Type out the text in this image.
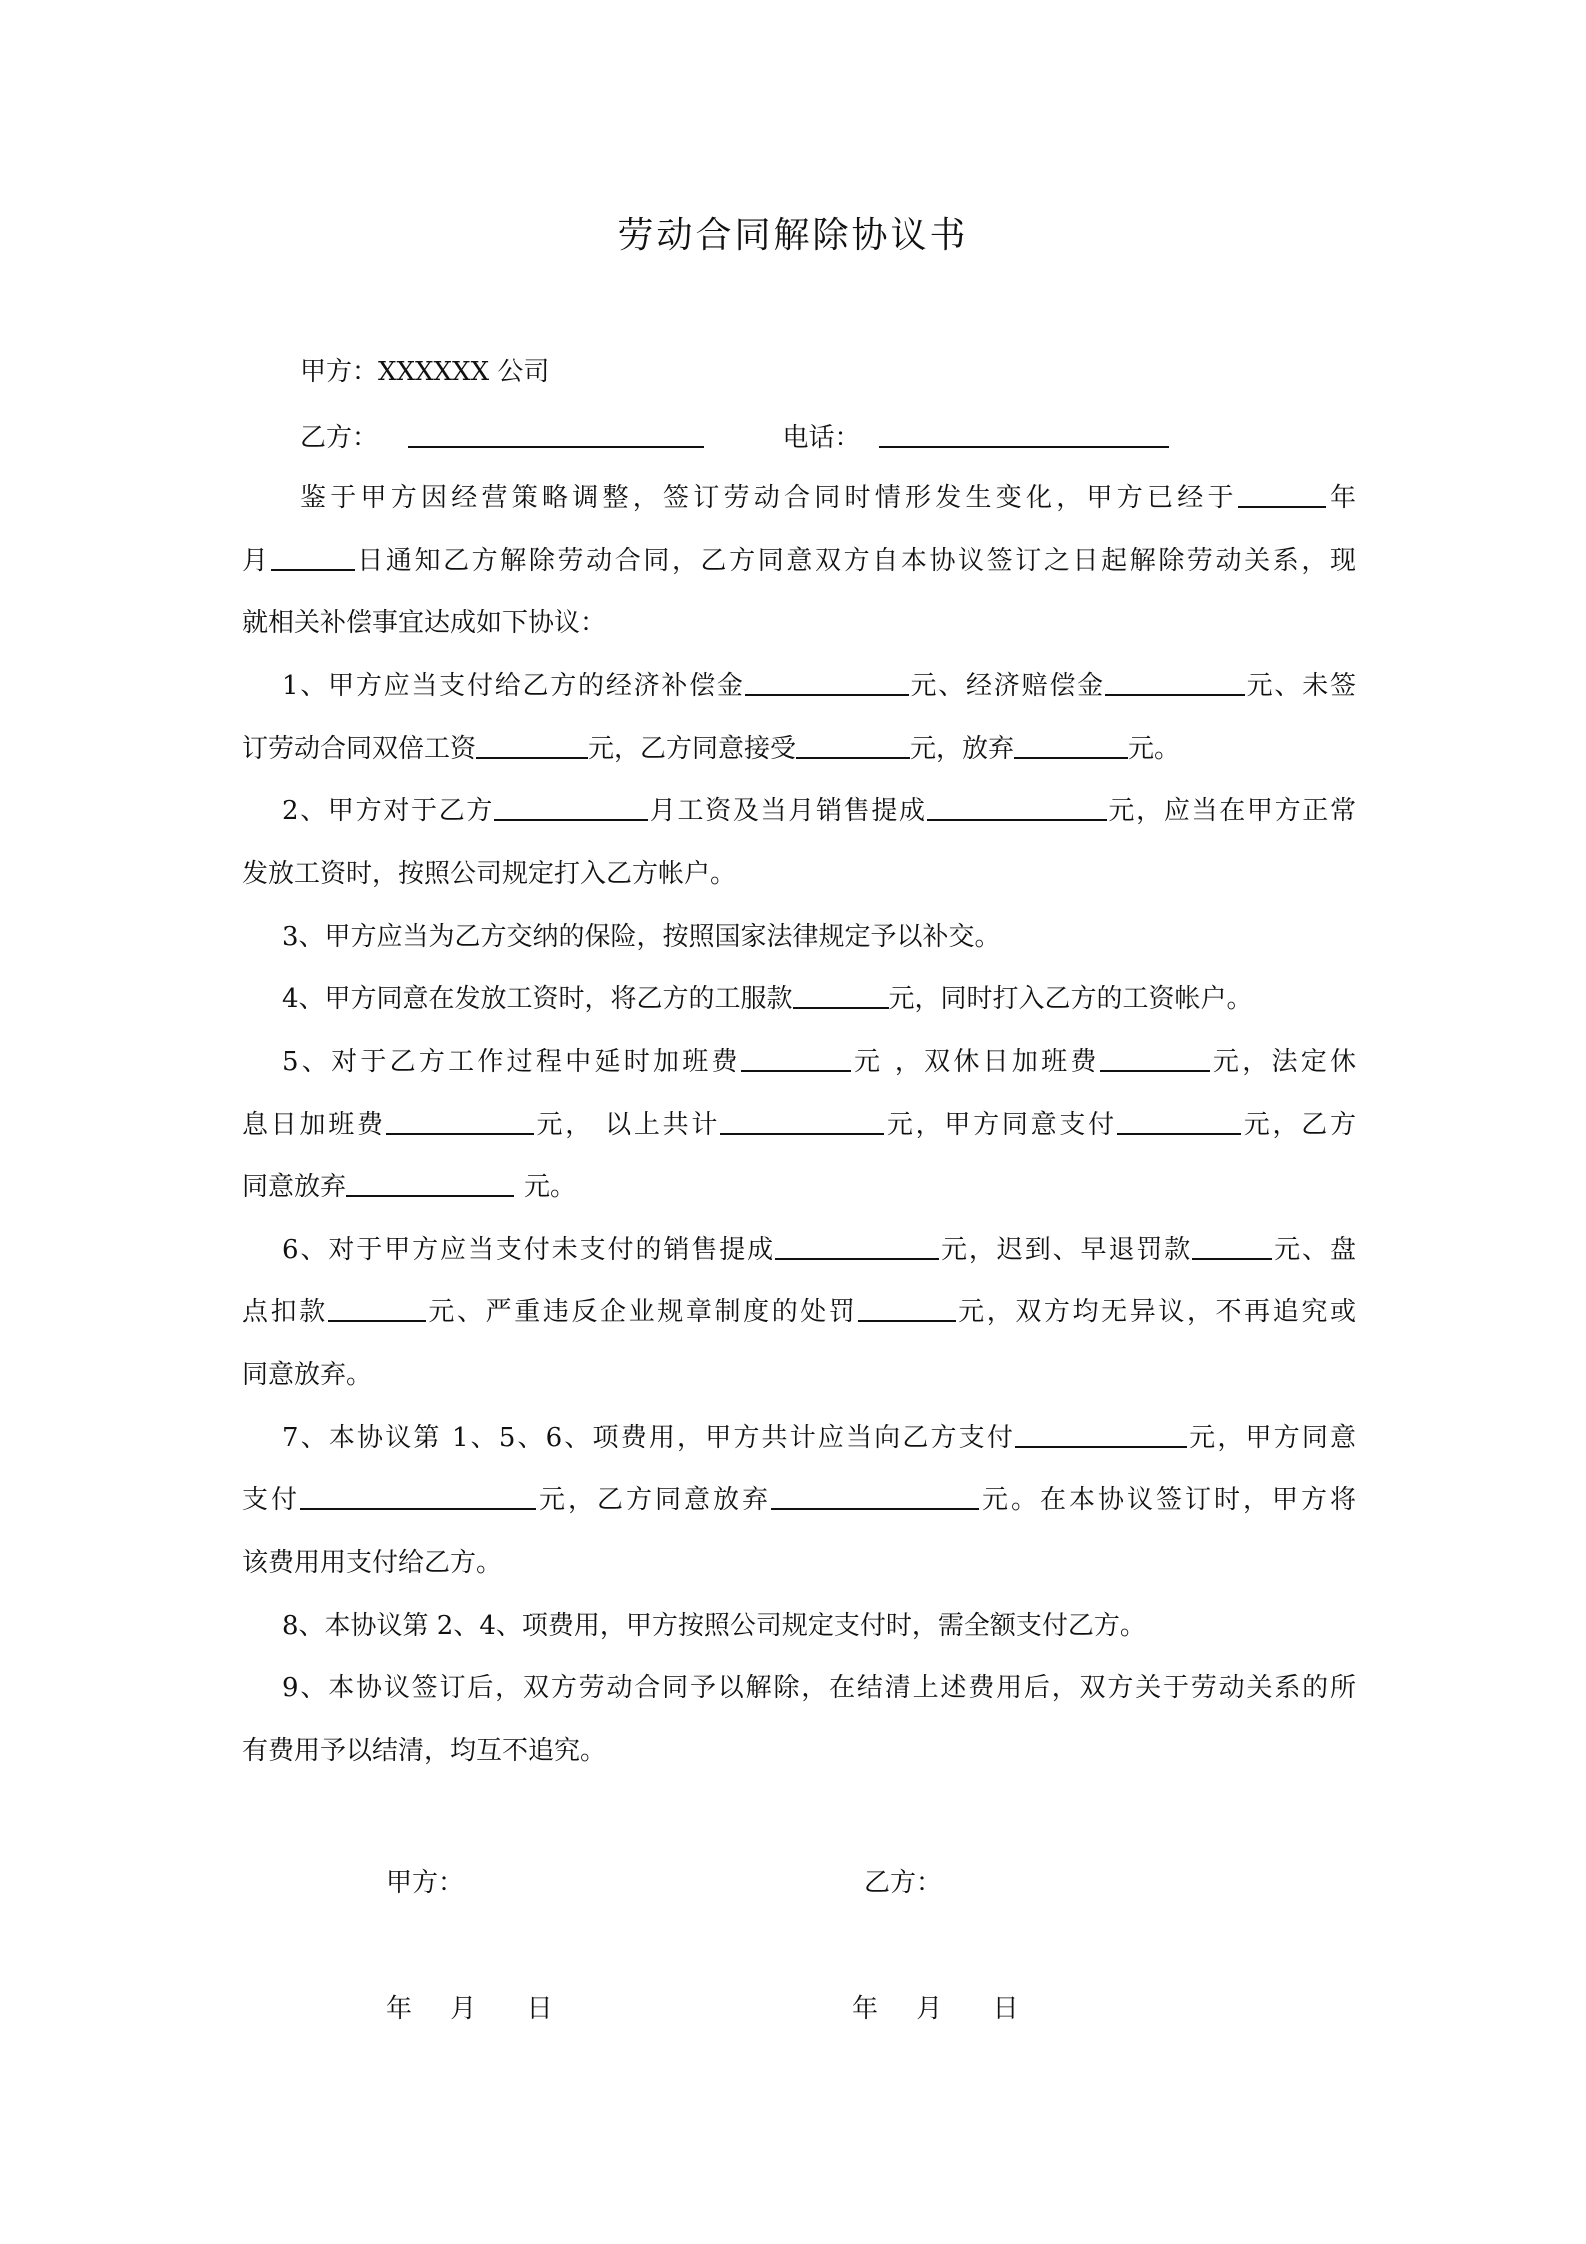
劳动合同解除协议书
甲方：XXXXXX 公司
乙方：	电话：
鉴于甲方因经营策略调整，签订劳动合同时情形发生变化，甲方已经于	年
月	日通知乙方解除劳动合同，乙方同意双方自本协议签订之日起解除劳动关系，现
就相关补偿事宜达成如下协议：
1、甲方应当支付给乙方的经济补偿金	元、经济赔偿金	元、未签
订劳动合同双倍工资	元，乙方同意接受	元，放弃	元。
2、甲方对于乙方	月工资及当月销售提成	元，应当在甲方正常
发放工资时，按照公司规定打入乙方帐户。
3、甲方应当为乙方交纳的保险，按照国家法律规定予以补交。
4、甲方同意在发放工资时，将乙方的工服款	元，同时打入乙方的工资帐户。
5、对于乙方工作过程中延时加班费	元 ，双休日加班费	元，法定休
息日加班费	元， 以上共计	元，甲方同意支付	元，乙方
同意放弃	元。
6、对于甲方应当支付未支付的销售提成	元，迟到、早退罚款	元、盘
点扣款	元、严重违反企业规章制度的处罚	元，双方均无异议，不再追究或
同意放弃。
7、本协议第 1、5、6、项费用，甲方共计应当向乙方支付	元，甲方同意
支付	元，乙方同意放弃	元。在本协议签订时，甲方将
该费用用支付给乙方。
8、本协议第 2、4、项费用，甲方按照公司规定支付时，需全额支付乙方。
9、本协议签订后，双方劳动合同予以解除，在结清上述费用后，双方关于劳动关系的所
有费用予以结清，均互不追究。
甲方：	乙方：
年 月 日	年 月 日
